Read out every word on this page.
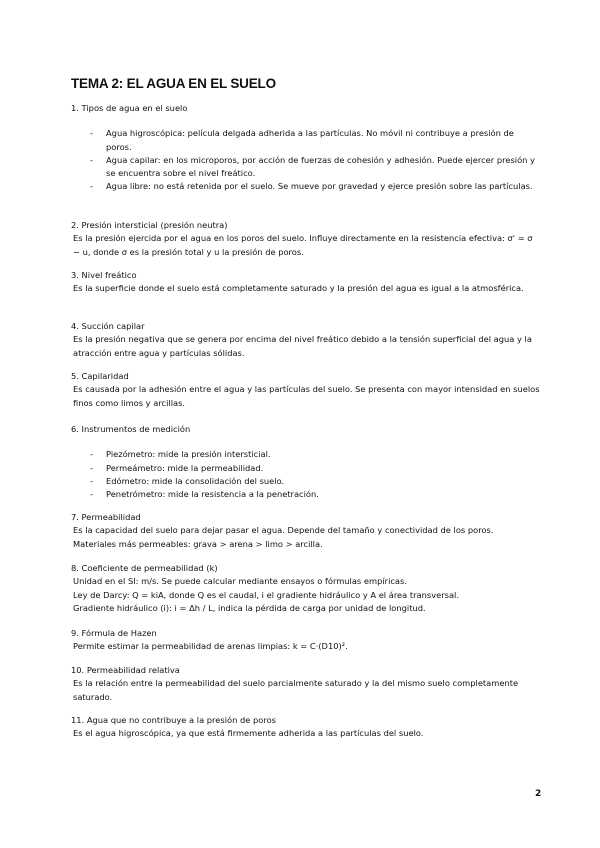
TEMA 2: EL AGUA EN EL SUELO

1. Tipos de agua en el suelo

- Agua higroscópica: película delgada adherida a las partículas. No móvil ni contribuye a presión de poros.
- Agua capilar: en los microporos, por acción de fuerzas de cohesión y adhesión. Puede ejercer presión y se encuentra sobre el nivel freático.
- Agua libre: no está retenida por el suelo. Se mueve por gravedad y ejerce presión sobre las partículas.

2. Presión intersticial (presión neutra)

Es la presión ejercida por el agua en los poros del suelo. Influye directamente en la resistencia efectiva: σ' = σ − u, donde σ es la presión total y u la presión de poros.

3. Nivel freático

Es la superficie donde el suelo está completamente saturado y la presión del agua es igual a la atmosférica.

4. Succión capilar

Es la presión negativa que se genera por encima del nivel freático debido a la tensión superficial del agua y la atracción entre agua y partículas sólidas.

5. Capilaridad

Es causada por la adhesión entre el agua y las partículas del suelo. Se presenta con mayor intensidad en suelos finos como limos y arcillas.

6. Instrumentos de medición

- Piezómetro: mide la presión intersticial.
- Permeámetro: mide la permeabilidad.
- Edómetro: mide la consolidación del suelo.
- Penetrómetro: mide la resistencia a la penetración.

7. Permeabilidad

Es la capacidad del suelo para dejar pasar el agua. Depende del tamaño y conectividad de los poros.

Materiales más permeables: grava > arena > limo > arcilla.

8. Coeficiente de permeabilidad (k)

Unidad en el SI: m/s. Se puede calcular mediante ensayos o fórmulas empíricas.

Ley de Darcy: Q = kiA, donde Q es el caudal, i el gradiente hidráulico y A el área transversal.

Gradiente hidráulico (i): i = Δh / L, indica la pérdida de carga por unidad de longitud.

9. Fórmula de Hazen

Permite estimar la permeabilidad de arenas limpias: k = C·(D10)².

10. Permeabilidad relativa

Es la relación entre la permeabilidad del suelo parcialmente saturado y la del mismo suelo completamente saturado.

11. Agua que no contribuye a la presión de poros

Es el agua higroscópica, ya que está firmemente adherida a las partículas del suelo.

2
